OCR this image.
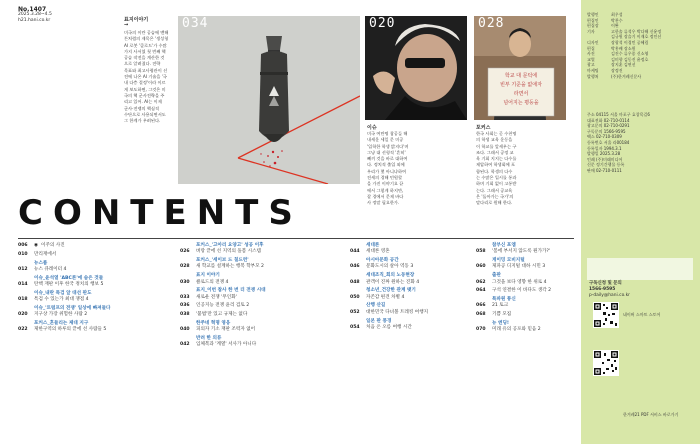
No.1407
2025.3.28~4.5
h21.hani.co.kr	표지이야기
→
미국의 이란 공습에 맨해
튼처럼의 제목은 '생성형
AI 로봇 '클로드'가 수많
가지 사서였 첫 번째 핵
공습 작전을 계산한 것
으로 알려졌다. 전략
목표와 최고사령관이 선
전에 나온 AI 기술을 '국
내 다층 결정'이라 이르
게 보도하면, 그것은 미
국의 핵 군사전략을 주
리고 있어. AI는 이제
군사·전쟁의 핵심적
수단으로 사용되면서도
그 한계가 우려된다.
034	020
학교 대 문턱에
빈부 기준을 없애자
라면서
넘어지는 평등을
028
이슈
미국 여만명 참공들 해
내세운 세일 문 미공
'입학한 학생 밝지다'며
그냥 대 선형적 '흔히'
빼끼 것을 바로 대하여
다. 정치적 출입 외에
우리가 몇 아니냐하여
전세의 경해 민원할
을 가진 이야기요 끝
에서 그렇게 하지만,
잘 경에서 문제 바다
사 정말 필요한가.
포커스
한국 사회는 곧 수천명
의 학생 교육 운동을
이 학교를 앞세우는 구
조다. 그래서 공정 교
육 기회 지지는 다수를
제압하여 학생회에 포
함된다. 학생의 다수
는 수많은 입시를 통과
하며 기회 없이 고통받
는다. 그래서 공교육
은 '돌아가는 국가'의
말다리로 원해 한다.
CONTENTS
006 ◉ 이주의 사진
010 만리재에서
뉴스룸
012 뉴스 큐레이터 4
이슈_윤석열 'ABC론'에 숨은 것들
014 탄핵 재판 이후 한국 정치의 행보 5
이슈_내란 특검 앞 대선 판도
018 특검 수 있는가 최대 쟁점 4
이슈_'트럼프의 전쟁' 일상에 빠져들다
020 지구상 가장 위험한 사람 2
포커스_흔들리는 제대 지구
022 제한구역의 하루의 끝에 선 사람들 5
포커스_'고아리 요양고' 성공 이후
026 벼랑 끝에 선 지역의 돌봄 시스템
포커스_'세이브 드 칠드런'
028 새 학교를 설계하는 행복 학부모 2
표지 이야기
030 클로드의 전쟁 4
표지_이번 참사 한 번 더 전쟁 시대
033 새로운 전쟁 '무인화'
036 인공지능 전쟁 윤리 검토 2
038 '불법'만 있고 규제는 없다
한주네 혁명 영웅
040 피의자 기소 재판 조력자 없어
반려 한 의류
042 입체복과 '계열' 서사가 아니다
세대론
044 세대론 영혼
아시아문화 공간
046 문화도시의 살아 역동 3
세대조직_회의 노동현장
048 관객이 진짜 원하는 진화 4
청소년_건강한 관계 맺기
050 자존감 편견 차별 4
산행 산길
052 대한민국 다녀볼 트레킹 여행지
일본 판 풍경
054 처음 온 오름 여행 시간
참부신 포엠
058 '봄에 부서지 않도록 뭔가가?'
게이밍 모비지털
060 제파공 디지털 대하 시민 3
출판
062 그것을 보다 영향 한 위로 4
064 구석 연결한 이 바다도 생각 2
특파원 통신
066 21 토크
068 기쁨 모집
뉴 엔딩!
070 미래 유의 공포와 믿음 2
발행인	최우성
편집인	박찬수
편집장	이완
기자	고한솔 류석우 박다해 신윤정
김규원 장슬기 이재호 정인선
디자인	장광석 이경민 공혜림
편집	박홍배 장소원
사진	김진수 류우종 신소영
교열	김미향 김동진 윤정호
광고	장지훈 김연선
마케팅	장정진
발행처	(주)한겨레신문사
주소 04115 서울 마포구 효창목길6
대표전화 02-710-0114
광고문의 02-710-0291
구독문의 1566-9595
팩스 02-710-0309
등록번호 서울 라00184
등록일자 1994.3.1
발행일 2025.3.28
인쇄 (주)미래미디어
신문 정기간행물 등록
판매 02-710-0111
구독신청 및 문의
1566-9595
p-daily@hani.co.kr
네이버 스마트 스토어
한겨레21 PDF 서비스 바로가기
